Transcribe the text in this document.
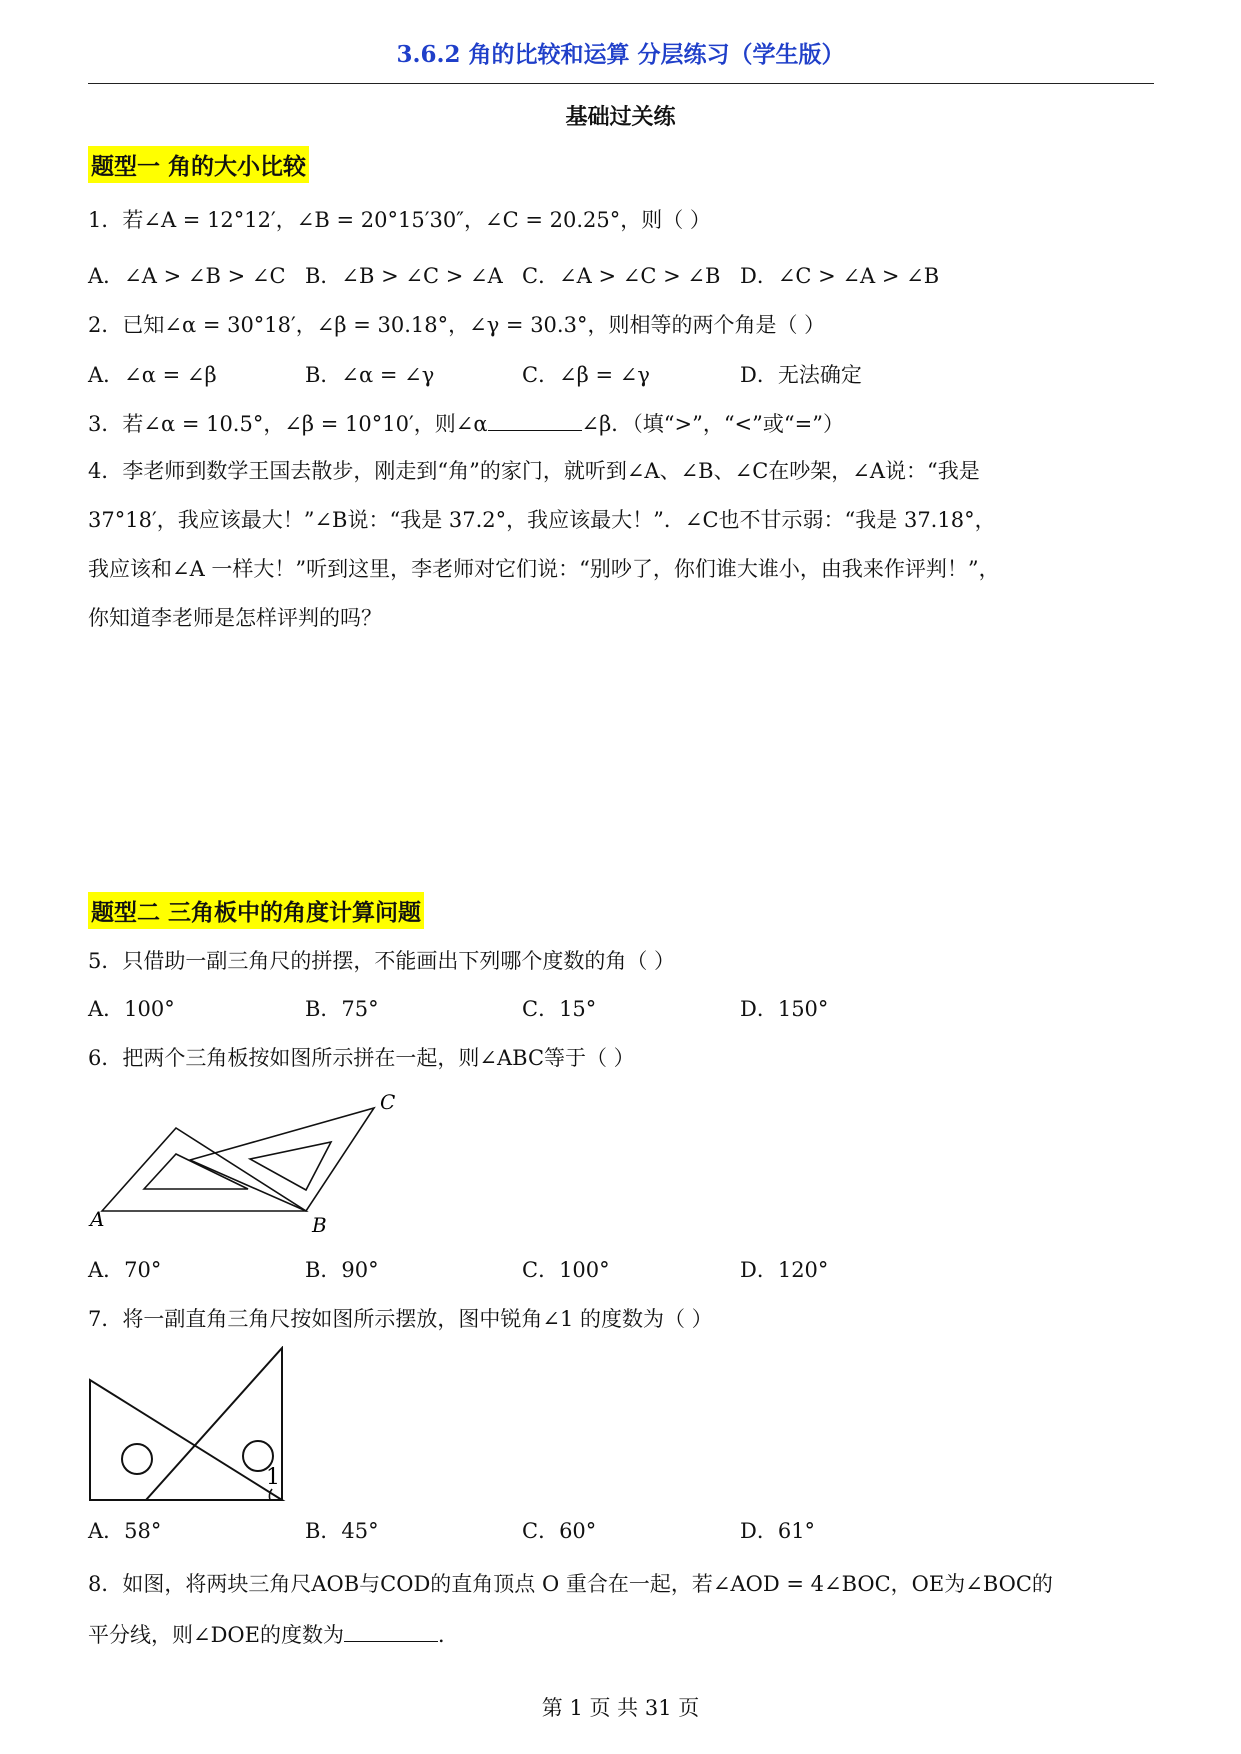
3.6.2 角的比较和运算 分层练习（学生版）
基础过关练
题型一 角的大小比较
1．若∠A = 12°12′，∠B = 20°15′30″，∠C = 20.25°，则（ ）
A．∠A > ∠B > ∠C B．∠B > ∠C > ∠A C．∠A > ∠C > ∠B D．∠C > ∠A > ∠B
2．已知∠α = 30°18′，∠β = 30.18°，∠γ = 30.3°，则相等的两个角是（ ）
A．∠α = ∠β	B．∠α = ∠γ	C．∠β = ∠γ	D．无法确定
3．若∠α = 10.5°，∠β = 10°10′，则∠α	∠β．（填“>”，“<”或“=”）
4．李老师到数学王国去散步，刚走到“角”的家门，就听到∠A、∠B、∠C在吵架，∠A说：“我是
37°18′，我应该最大！”∠B说：“我是 37.2°，我应该最大！”．∠C也不甘示弱：“我是 37.18°，
我应该和∠A 一样大！”听到这里，李老师对它们说：“别吵了，你们谁大谁小，由我来作评判！”，
你知道李老师是怎样评判的吗？
题型二 三角板中的角度计算问题
5．只借助一副三角尺的拼摆，不能画出下列哪个度数的角（ ）
A．100°	B．75°	C．15°	D．150°
6．把两个三角板按如图所示拼在一起，则∠ABC等于（ ）
A	B
C
A．70°	B．90°	C．100°	D．120°
7．将一副直角三角尺按如图所示摆放，图中锐角∠1 的度数为（ ）
1
A．58°	B．45°	C．60°	D．61°
8．如图，将两块三角尺AOB与COD的直角顶点 O 重合在一起，若∠AOD = 4∠BOC，OE为∠BOC的
平分线，则∠DOE的度数为	．
第 1 页 共 31 页
